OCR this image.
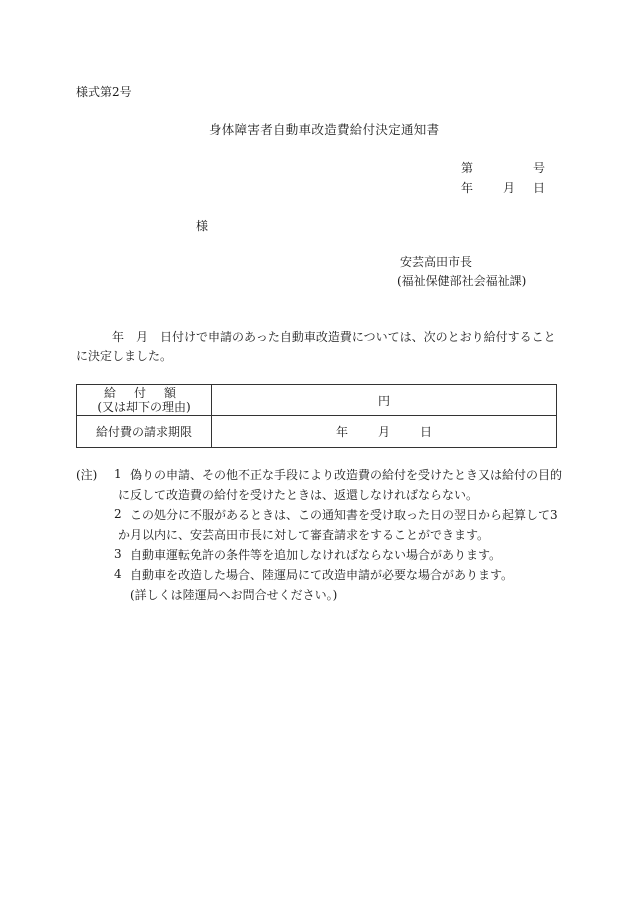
様式第2号
身体障害者自動車改造費給付決定通知書
第	号
年 月 日
様
安芸高田市長
(福祉保健部社会福祉課)
年　月　日付けで申請のあった自動車改造費については、次のとおり給付すること
に決定しました。
給付額
(又は却下の理由)	円
給付費の請求期限	年 月 日
(注) 1 偽りの申請、その他不正な手段により改造費の給付を受けたとき又は給付の目的
に反して改造費の給付を受けたときは、返還しなければならない。
2 この処分に不服があるときは、この通知書を受け取った日の翌日から起算して3
か月以内に、安芸高田市長に対して審査請求をすることができます。
3 自動車運転免許の条件等を追加しなければならない場合があります。
4 自動車を改造した場合、陸運局にて改造申請が必要な場合があります。
(詳しくは陸運局へお問合せください。)
